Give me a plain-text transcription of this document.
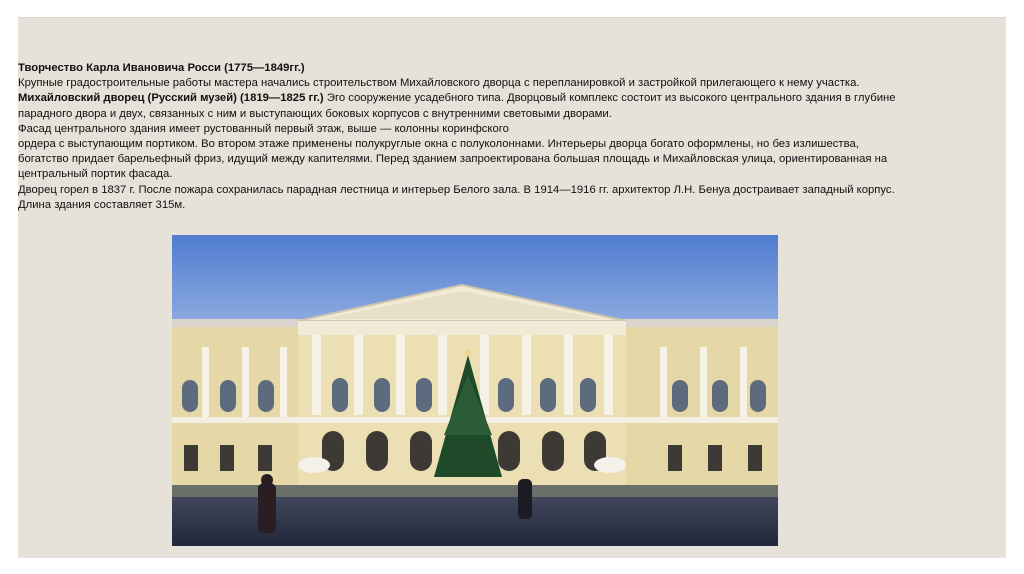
Творчество Карла Ивановича Росси (1775—1849гг.)

Крупные градостроительные работы мастера начались строительством Михайловского дворца с перепланировкой и застройкой прилегающего к нему участка.

Михайловский дворец (Русский музей) (1819—1825 гг.) Эго сооружение усадебного типа. Дворцовый комплекс состоит из высокого центрального здания в глубине парадного двора и двух, связанных с ним и выступающих боковых корпусов с внутренними световыми дворами.

Фасад центрального здания имеет рустованный первый этаж, выше — колонны коринфского

ордера с выступающим портиком. Во втором этаже применены полукруглые окна с полуколоннами. Интерьеры дворца богато оформлены, но без излишества, богатство придает барельефный фриз, идущий между капителями. Перед зданием запроектирована большая площадь и Михайловская улица, ориентированная на центральный портик фасада.

Дворец горел в 1837 г. После пожара сохранилась парадная лестница и интерьер Белого зала. В 1914—1916 гг. архитектор Л.Н. Бенуа достраивает западный корпус. Длина здания составляет 315м.
